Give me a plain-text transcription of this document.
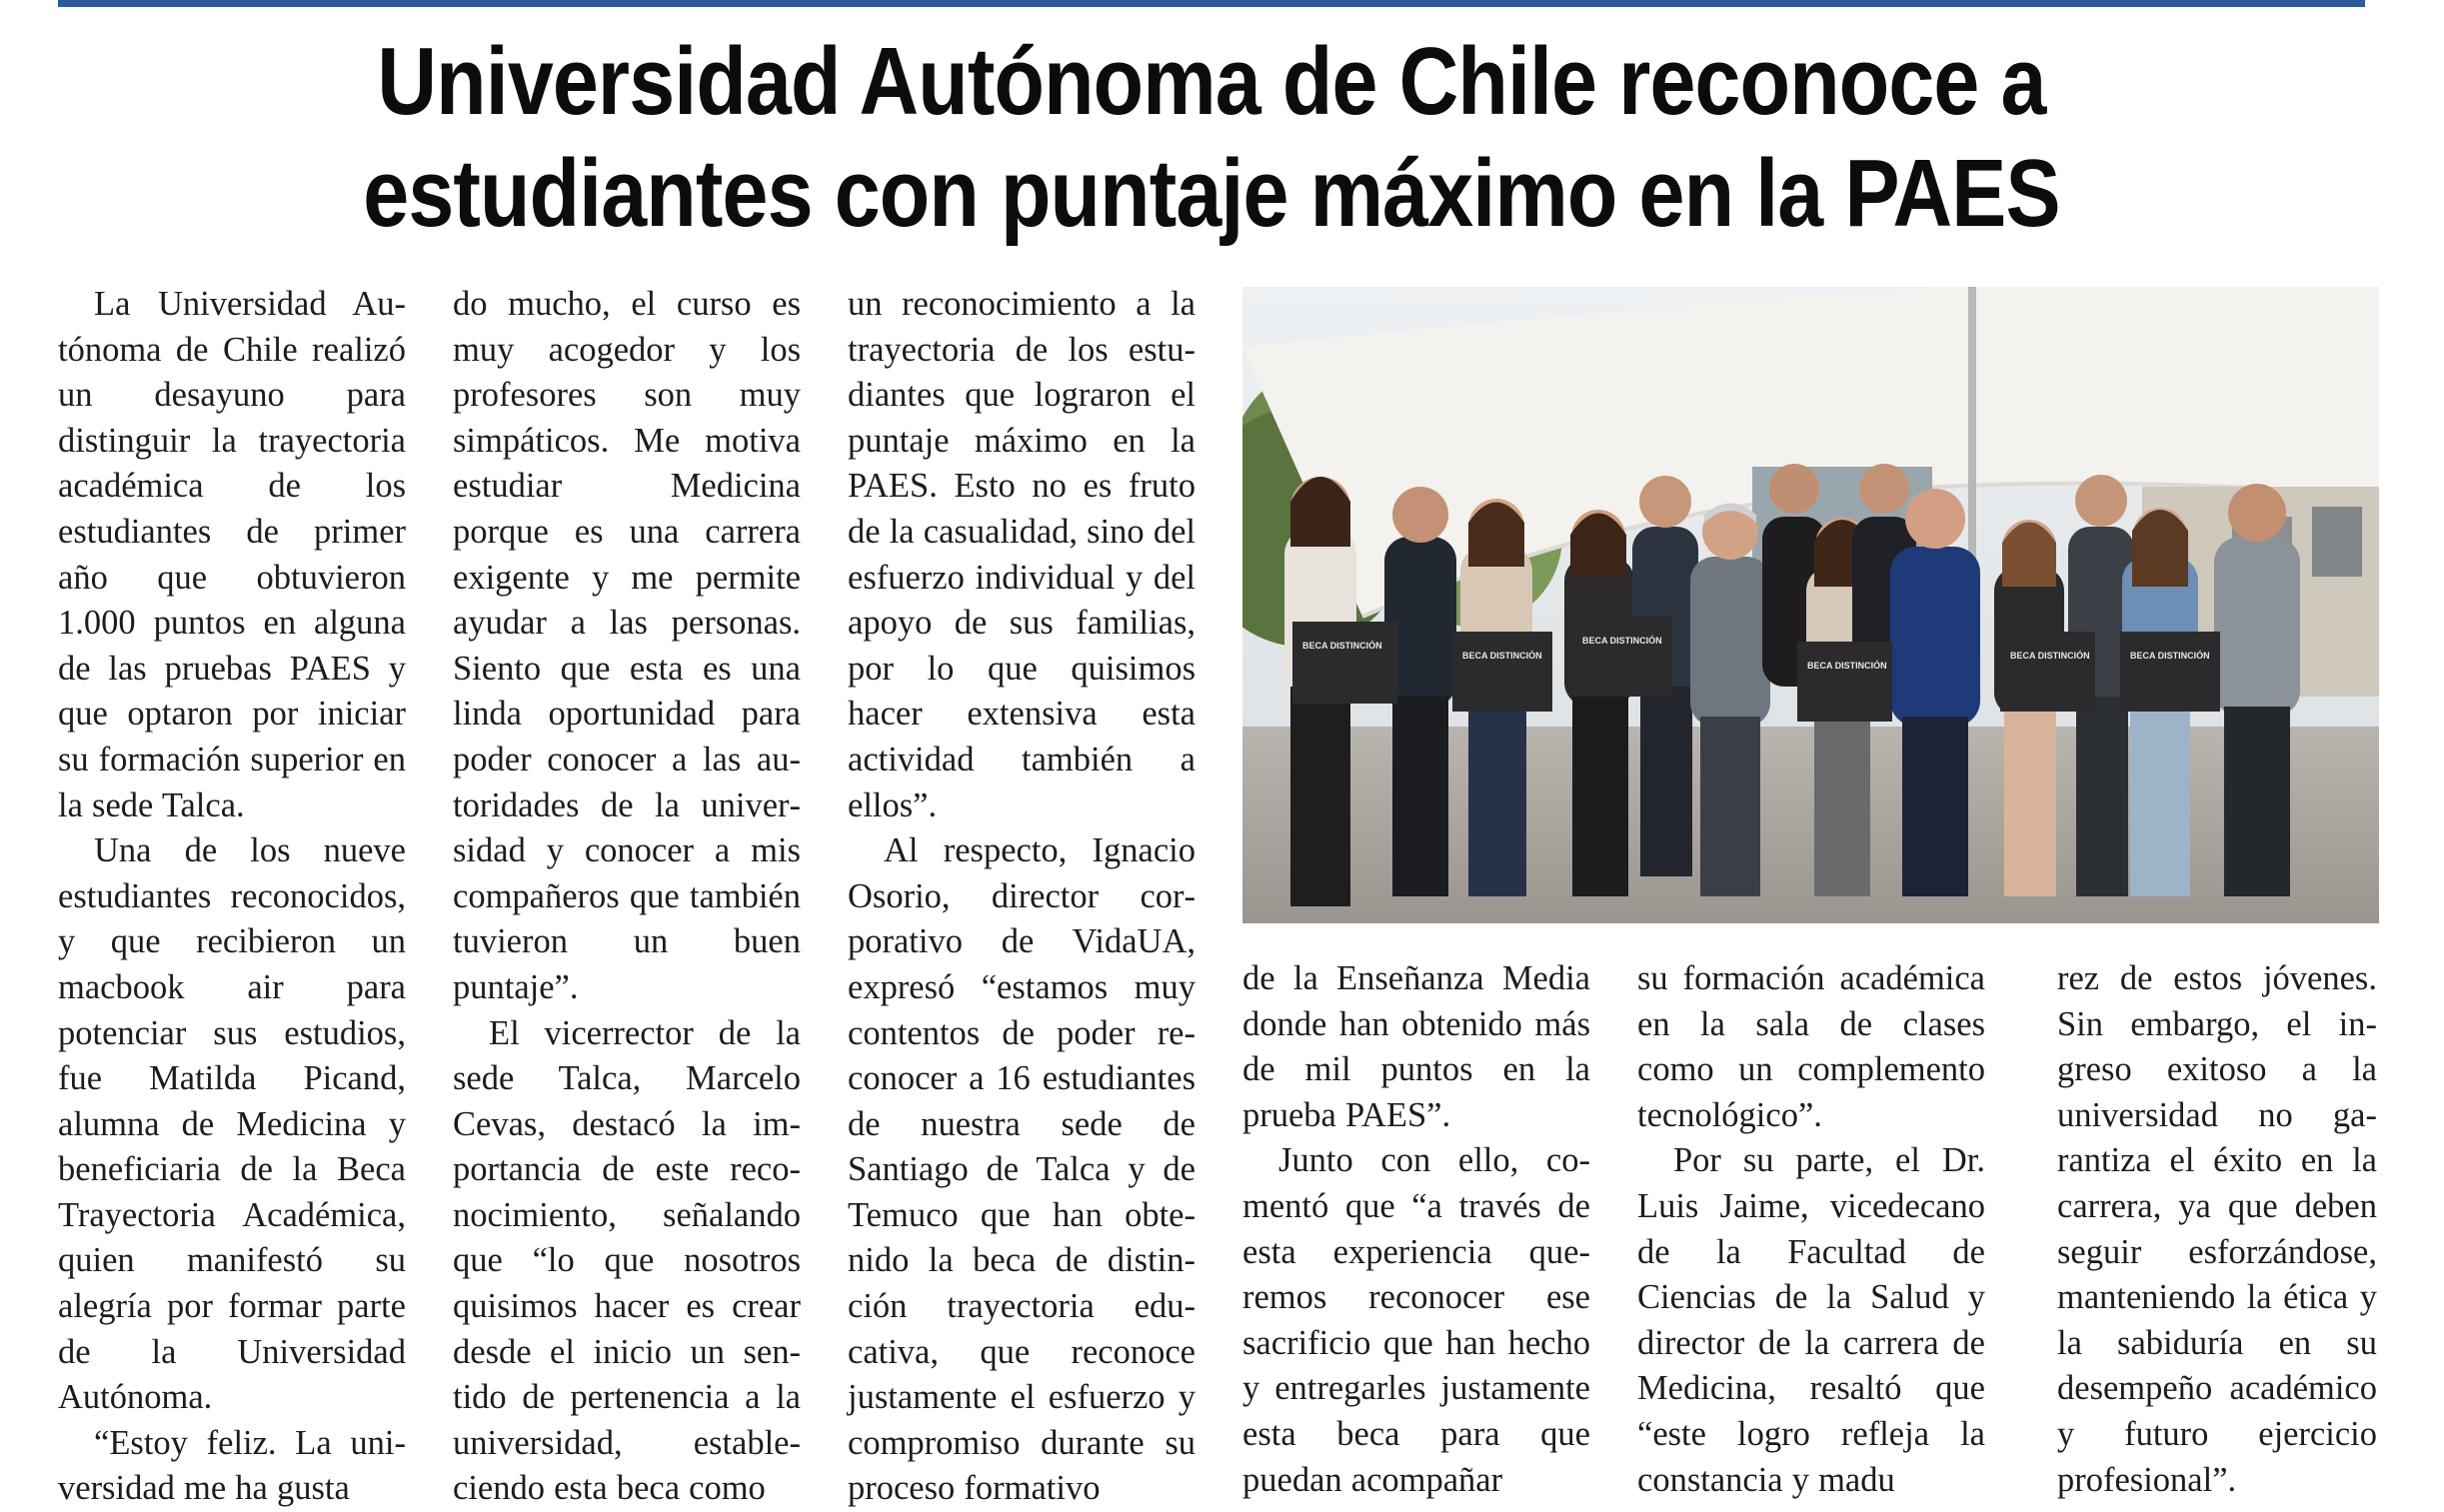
Universidad Autónoma de Chile reconoce a
estudiantes con puntaje máximo en la PAES

La Universidad Autónoma de Chile realizó un desayuno para distinguir la trayectoria académica de los estudiantes de primer año que obtuvieron 1.000 puntos en alguna de las pruebas PAES y que optaron por iniciar su formación superior en la sede Talca.

Una de los nueve estudiantes reconocidos, y que recibieron un macbook air para potenciar sus estudios, fue Matilda Picand, alumna de Medicina y beneficiaria de la Beca Trayectoria Académica, quien manifestó su alegría por formar parte de la Universidad Autónoma.

“Estoy feliz. La universidad me ha gusta

do mucho, el curso es muy acogedor y los profesores son muy simpáticos. Me motiva estudiar Medicina porque es una carrera exigente y me permite ayudar a las personas. Siento que esta es una linda oportunidad para poder conocer a las autoridades de la universidad y conocer a mis compañeros que también tuvieron un buen puntaje”.

El vicerrector de la sede Talca, Marcelo Cevas, destacó la importancia de este reconocimiento, señalando que “lo que nosotros quisimos hacer es crear desde el inicio un sentido de pertenencia a la universidad, estableciendo esta beca como

un reconocimiento a la trayectoria de los estudiantes que lograron el puntaje máximo en la PAES. Esto no es fruto de la casualidad, sino del esfuerzo individual y del apoyo de sus familias, por lo que quisimos hacer extensiva esta actividad también a ellos”.

Al respecto, Ignacio Osorio, director corporativo de VidaUA, expresó “estamos muy contentos de poder reconocer a 16 estudiantes de nuestra sede de Santiago de Talca y de Temuco que han obtenido la beca de distinción trayectoria educativa, que reconoce justamente el esfuerzo y compromiso durante su proceso formativo

BECA DISTINCIÓN
BECA DISTINCIÓN
BECA DISTINCIÓN
BECA DISTINCIÓN
BECA DISTINCIÓN	BECA DISTINCIÓN

de la Enseñanza Media donde han obtenido más de mil puntos en la prueba PAES”.

Junto con ello, comentó que “a través de esta experiencia queremos reconocer ese sacrificio que han hecho y entregarles justamente esta beca para que puedan acompañar

su formación académica en la sala de clases como un complemento tecnológico”.

Por su parte, el Dr. Luis Jaime, vicedecano de la Facultad de Ciencias de la Salud y director de la carrera de Medicina, resaltó que “este logro refleja la constancia y madu

rez de estos jóvenes. Sin embargo, el ingreso exitoso a la universidad no garantiza el éxito en la carrera, ya que deben seguir esforzándose, manteniendo la ética y la sabiduría en su desempeño académico y futuro ejercicio profesional”.
